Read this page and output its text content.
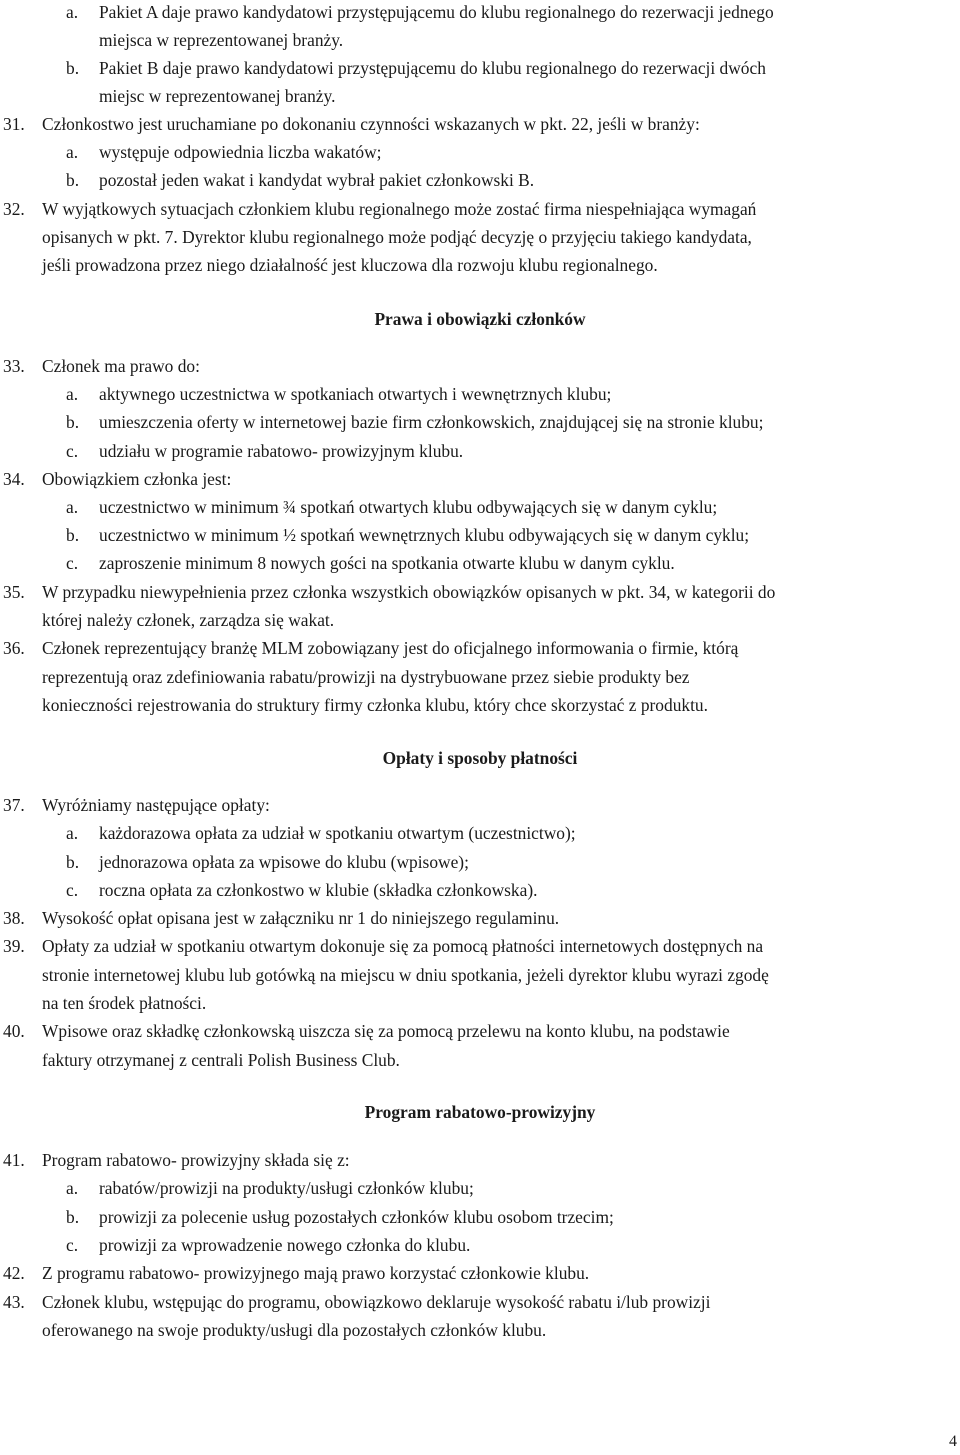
a. Pakiet A daje prawo kandydatowi przystępującemu do klubu regionalnego do rezerwacji jednego
miejsca w reprezentowanej branży.
b. Pakiet B daje prawo kandydatowi przystępującemu do klubu regionalnego do rezerwacji dwóch
miejsc w reprezentowanej branży.
31. Członkostwo jest uruchamiane po dokonaniu czynności wskazanych w pkt. 22, jeśli w branży:
a. występuje odpowiednia liczba wakatów;
b. pozostał jeden wakat i kandydat wybrał pakiet członkowski B.
32. W wyjątkowych sytuacjach członkiem klubu regionalnego może zostać firma niespełniająca wymagań
opisanych w pkt. 7. Dyrektor klubu regionalnego może podjąć decyzję o przyjęciu takiego kandydata,
jeśli prowadzona przez niego działalność jest kluczowa dla rozwoju klubu regionalnego.
Prawa i obowiązki członków
33. Członek ma prawo do:
a. aktywnego uczestnictwa w spotkaniach otwartych i wewnętrznych klubu;
b. umieszczenia oferty w internetowej bazie firm członkowskich, znajdującej się na stronie klubu;
c. udziału w programie rabatowo- prowizyjnym klubu.
34. Obowiązkiem członka jest:
a. uczestnictwo w minimum ¾ spotkań otwartych klubu odbywających się w danym cyklu;
b. uczestnictwo w minimum ½ spotkań wewnętrznych klubu odbywających się w danym cyklu;
c. zaproszenie minimum 8 nowych gości na spotkania otwarte klubu w danym cyklu.
35. W przypadku niewypełnienia przez członka wszystkich obowiązków opisanych w pkt. 34, w kategorii do
której należy członek, zarządza się wakat.
36. Członek reprezentujący branżę MLM zobowiązany jest do oficjalnego informowania o firmie, którą
reprezentują oraz zdefiniowania rabatu/prowizji na dystrybuowane przez siebie produkty bez
konieczności rejestrowania do struktury firmy członka klubu, który chce skorzystać z produktu.
Opłaty i sposoby płatności
37. Wyróżniamy następujące opłaty:
a. każdorazowa opłata za udział w spotkaniu otwartym (uczestnictwo);
b. jednorazowa opłata za wpisowe do klubu (wpisowe);
c. roczna opłata za członkostwo w klubie (składka członkowska).
38. Wysokość opłat opisana jest w załączniku nr 1 do niniejszego regulaminu.
39. Opłaty za udział w spotkaniu otwartym dokonuje się za pomocą płatności internetowych dostępnych na
stronie internetowej klubu lub gotówką na miejscu w dniu spotkania, jeżeli dyrektor klubu wyrazi zgodę
na ten środek płatności.
40. Wpisowe oraz składkę członkowską uiszcza się za pomocą przelewu na konto klubu, na podstawie
faktury otrzymanej z centrali Polish Business Club.
Program rabatowo-prowizyjny
41. Program rabatowo- prowizyjny składa się z:
a. rabatów/prowizji na produkty/usługi członków klubu;
b. prowizji za polecenie usług pozostałych członków klubu osobom trzecim;
c. prowizji za wprowadzenie nowego członka do klubu.
42. Z programu rabatowo- prowizyjnego mają prawo korzystać członkowie klubu.
43. Członek klubu, wstępując do programu, obowiązkowo deklaruje wysokość rabatu i/lub prowizji
oferowanego na swoje produkty/usługi dla pozostałych członków klubu.
4
